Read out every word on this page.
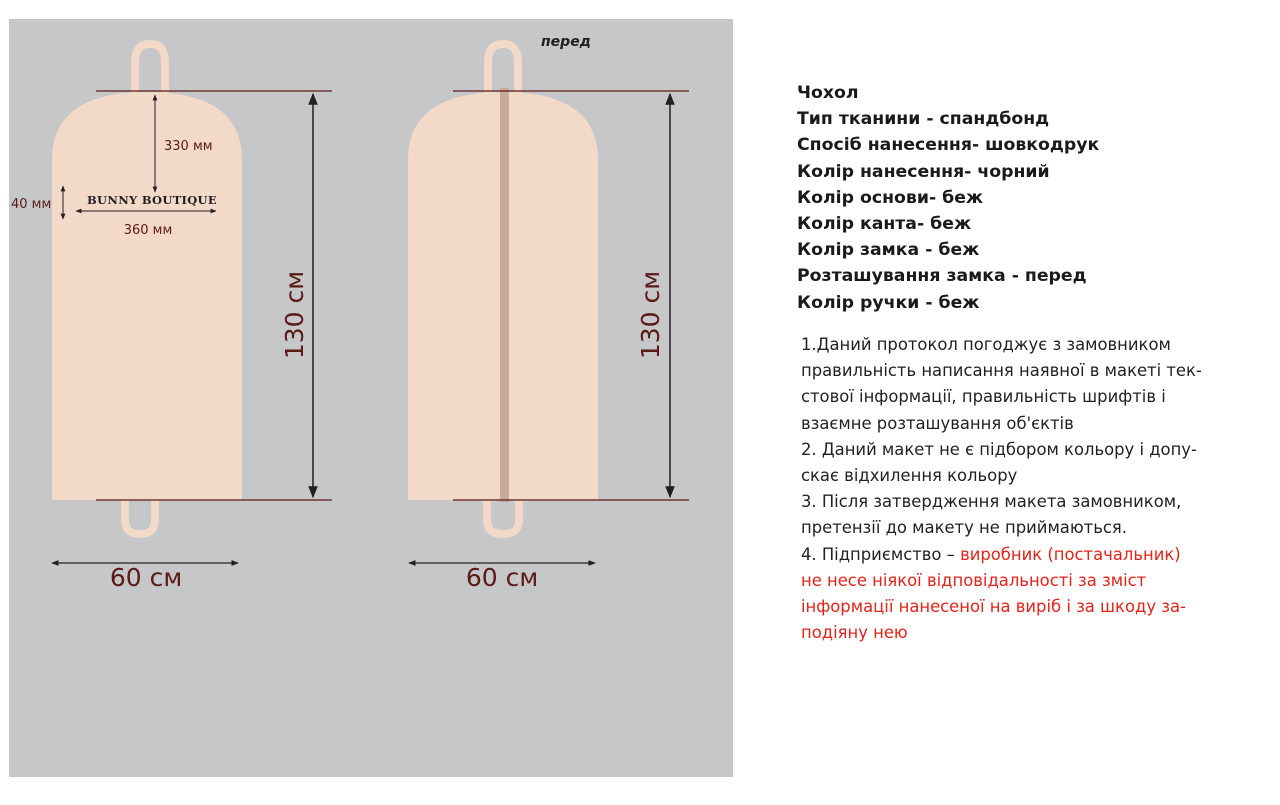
130 см
330 мм
BUNNY BOUTIQUE
360 мм
40 мм
60 см
перед
130 см
60 см
Чохол
Тип тканини - спандбонд
Спосіб нанесення- шовкодрук
Колір нанесення- чорний
Колір основи- беж
Колір канта- беж
Колір замка - беж
Розташування замка - перед
Колір ручки - беж
1.Даний протокол погоджує з замовником
правильність написання наявної в макеті тек-
стової інформації, правильність шрифтів і
взаємне розташування об'єктів
2. Даний макет не є підбором кольору і допу-
скає відхилення кольору
3. Після затвердження макета замовником,
претензії до макету не приймаються.
4. Підприємство – виробник (постачальник)
не несе ніякої відповідальності за зміст
інформації нанесеної на виріб і за шкоду за-
подіяну нею
